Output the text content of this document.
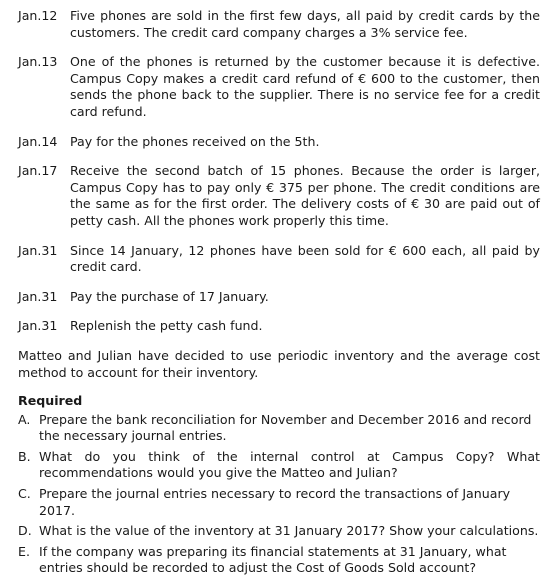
Jan.12 Five phones are sold in the first few days, all paid by credit cards by the customers. The credit card company charges a 3% service fee.
Jan.13 One of the phones is returned by the customer because it is defective. Campus Copy makes a credit card refund of € 600 to the customer, then sends the phone back to the supplier. There is no service fee for a credit card refund.
Jan.14 Pay for the phones received on the 5th.
Jan.17 Receive the second batch of 15 phones. Because the order is larger, Campus Copy has to pay only € 375 per phone. The credit conditions are the same as for the first order. The delivery costs of € 30 are paid out of petty cash. All the phones work properly this time.
Jan.31 Since 14 January, 12 phones have been sold for € 600 each, all paid by credit card.
Jan.31 Pay the purchase of 17 January.
Jan.31 Replenish the petty cash fund.
Matteo and Julian have decided to use periodic inventory and the average cost method to account for their inventory.
Required
A. Prepare the bank reconciliation for November and December 2016 and record the necessary journal entries.
B. What do you think of the internal control at Campus Copy? What recommendations would you give the Matteo and Julian?
C. Prepare the journal entries necessary to record the transactions of January 2017.
D. What is the value of the inventory at 31 January 2017? Show your calculations.
E. If the company was preparing its financial statements at 31 January, what entries should be recorded to adjust the Cost of Goods Sold account?
